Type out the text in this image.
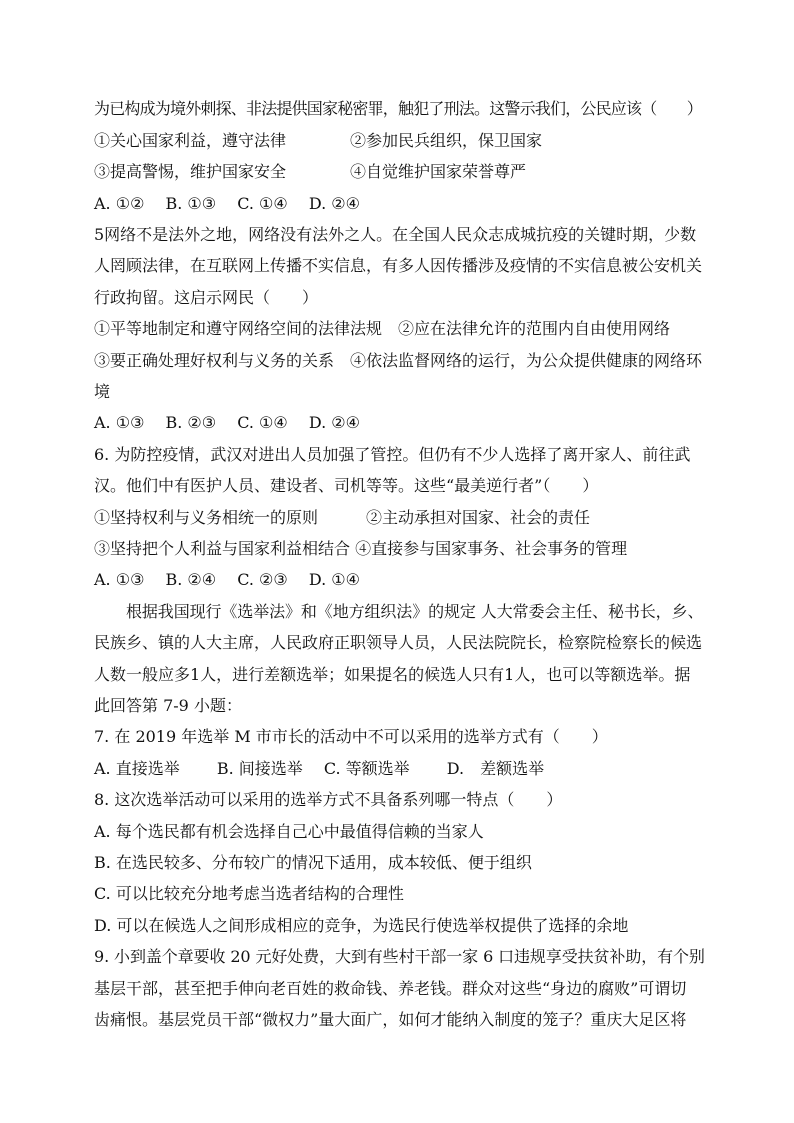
为已构成为境外刺探、非法提供国家秘密罪，触犯了刑法。这警示我们，公民应该（　　）
①关心国家利益，遵守法律　　　　②参加民兵组织，保卫国家
③提高警惕，维护国家安全　　　　④自觉维护国家荣誉尊严
A. ①②　 B. ①③　 C. ①④　 D. ②④
5网络不是法外之地，网络没有法外之人。在全国人民众志成城抗疫的关键时期，少数
人罔顾法律，在互联网上传播不实信息，有多人因传播涉及疫情的不实信息被公安机关
行政拘留。这启示网民（　　）
①平等地制定和遵守网络空间的法律法规　②应在法律允许的范围内自由使用网络
③要正确处理好权利与义务的关系　④依法监督网络的运行，为公众提供健康的网络环
境
A. ①③　 B. ②③　 C. ①④　 D. ②④
6. 为防控疫情，武汉对进出人员加强了管控。但仍有不少人选择了离开家人、前往武
汉。他们中有医护人员、建设者、司机等等。这些“最美逆行者”（　　）
①坚持权利与义务相统一的原则　　　②主动承担对国家、社会的责任
③坚持把个人利益与国家利益相结合 ④直接参与国家事务、社会事务的管理
A. ①③　 B. ②④　 C. ②③　 D. ①④
根据我国现行《选举法》和《地方组织法》的规定 人大常委会主任、秘书长，乡、
民族乡、镇的人大主席，人民政府正职领导人员，人民法院院长，检察院检察长的候选
人数一般应多1人，进行差额选举；如果提名的候选人只有1人，也可以等额选举。据
此回答第 7-9 小题：
7. 在 2019 年选举 M 市市长的活动中不可以采用的选举方式有（　　）
A. 直接选举　　 B. 间接选举　 C. 等额选举　　 D.　差额选举
8. 这次选举活动可以采用的选举方式不具备系列哪一特点（　　）
A. 每个选民都有机会选择自己心中最值得信赖的当家人
B. 在选民较多、分布较广的情况下适用，成本较低、便于组织
C. 可以比较充分地考虑当选者结构的合理性
D. 可以在候选人之间形成相应的竞争，为选民行使选举权提供了选择的余地
9. 小到盖个章要收 20 元好处费，大到有些村干部一家 6 口违规享受扶贫补助，有个别
基层干部，甚至把手伸向老百姓的救命钱、养老钱。群众对这些“身边的腐败”可谓切
齿痛恨。基层党员干部“微权力”量大面广，如何才能纳入制度的笼子？重庆大足区将
